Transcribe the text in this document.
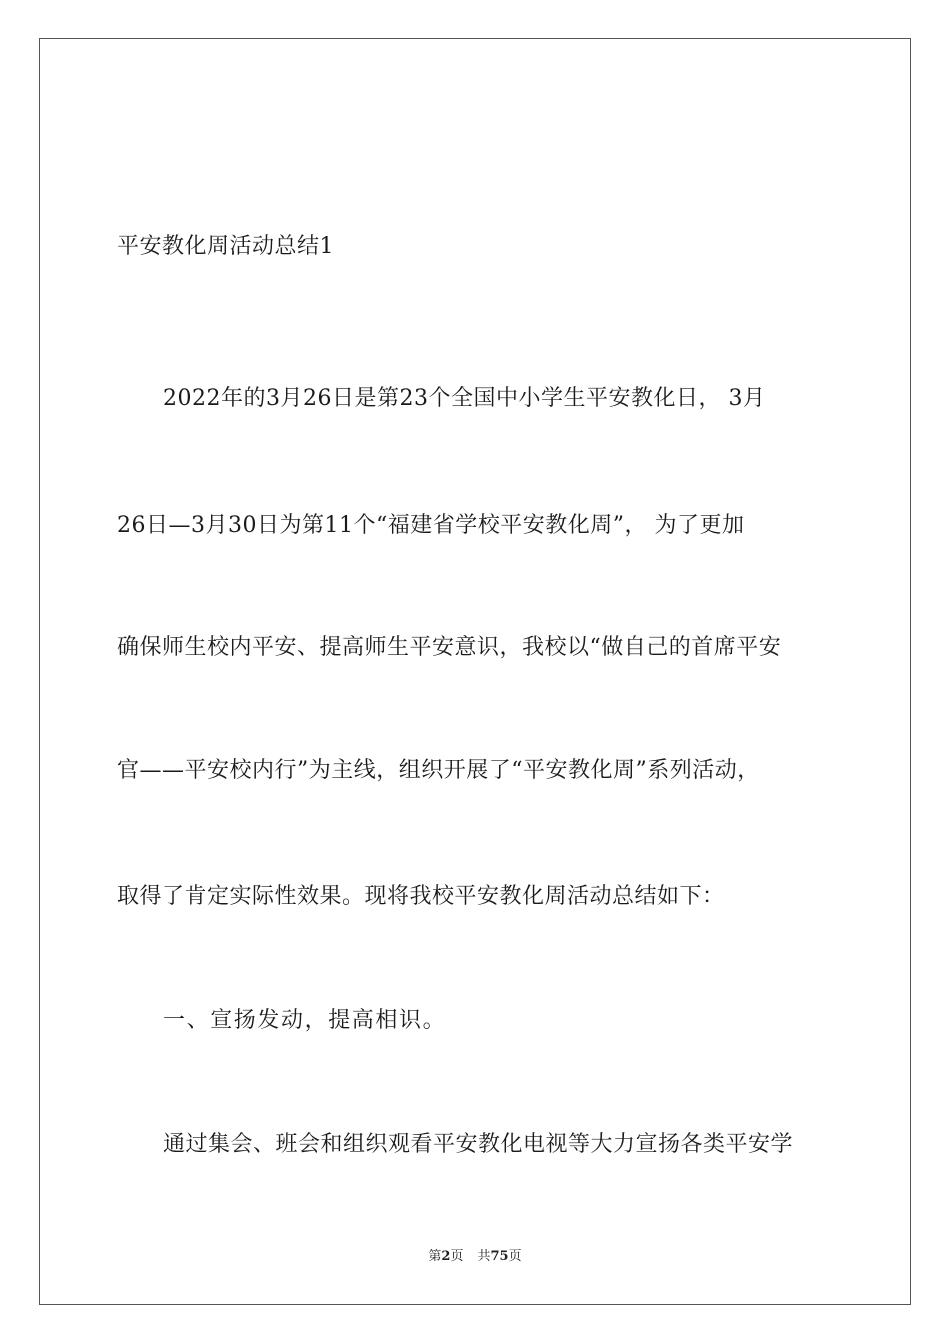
平安教化周活动总结1
2022年的3月26日是第23个全国中小学生平安教化日， 3月
26日—3月30日为第11个“福建省学校平安教化周”， 为了更加
确保师生校内平安、提高师生平安意识，我校以“做自己的首席平安
官——平安校内行”为主线，组织开展了“平安教化周”系列活动，
取得了肯定实际性效果。现将我校平安教化周活动总结如下：
一、宣扬发动，提高相识。
通过集会、班会和组织观看平安教化电视等大力宣扬各类平安学
第2页 共75页
